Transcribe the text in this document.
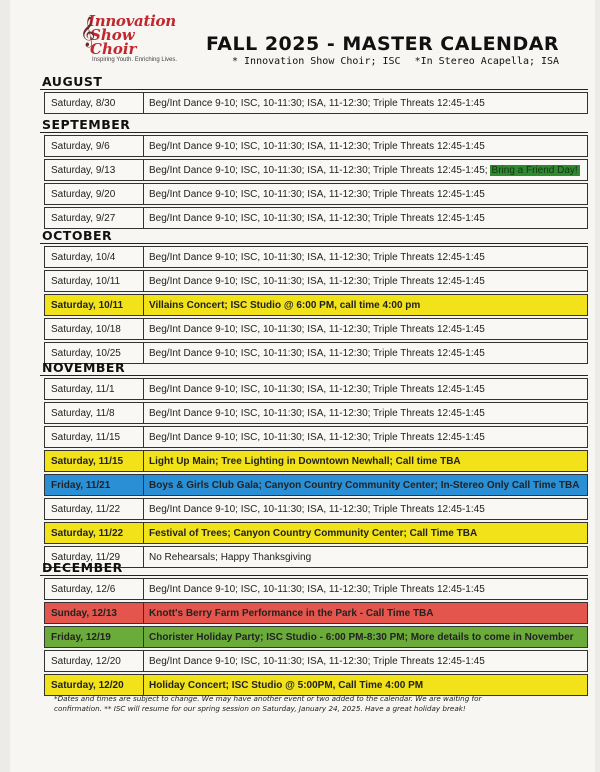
𝄞
Innovation
Show Choir
Inspiring Youth. Enriching Lives.
FALL 2025 - MASTER CALENDAR
* Innovation Show Choir; ISC *In Stereo Acapella; ISA
AUGUST
Saturday, 8/30	Beg/Int Dance 9-10; ISC, 10-11:30; ISA, 11-12:30; Triple Threats 12:45-1:45
SEPTEMBER
Saturday, 9/6	Beg/Int Dance 9-10; ISC, 10-11:30; ISA, 11-12:30; Triple Threats 12:45-1:45
Saturday, 9/13	Beg/Int Dance 9-10; ISC, 10-11:30; ISA, 11-12:30; Triple Threats 12:45-1:45; Bring a Friend Day!
Saturday, 9/20	Beg/Int Dance 9-10; ISC, 10-11:30; ISA, 11-12:30; Triple Threats 12:45-1:45
Saturday, 9/27	Beg/Int Dance 9-10; ISC, 10-11:30; ISA, 11-12:30; Triple Threats 12:45-1:45
OCTOBER
Saturday, 10/4	Beg/Int Dance 9-10; ISC, 10-11:30; ISA, 11-12:30; Triple Threats 12:45-1:45
Saturday, 10/11	Beg/Int Dance 9-10; ISC, 10-11:30; ISA, 11-12:30; Triple Threats 12:45-1:45
Saturday, 10/11	Villains Concert; ISC Studio @ 6:00 PM, call time 4:00 pm
Saturday, 10/18	Beg/Int Dance 9-10; ISC, 10-11:30; ISA, 11-12:30; Triple Threats 12:45-1:45
Saturday, 10/25	Beg/Int Dance 9-10; ISC, 10-11:30; ISA, 11-12:30; Triple Threats 12:45-1:45
NOVEMBER
Saturday, 11/1	Beg/Int Dance 9-10; ISC, 10-11:30; ISA, 11-12:30; Triple Threats 12:45-1:45
Saturday, 11/8	Beg/Int Dance 9-10; ISC, 10-11:30; ISA, 11-12:30; Triple Threats 12:45-1:45
Saturday, 11/15	Beg/Int Dance 9-10; ISC, 10-11:30; ISA, 11-12:30; Triple Threats 12:45-1:45
Saturday, 11/15	Light Up Main; Tree Lighting in Downtown Newhall; Call time TBA
Friday, 11/21	Boys & Girls Club Gala; Canyon Country Community Center; In-Stereo Only Call Time TBA
Saturday, 11/22	Beg/Int Dance 9-10; ISC, 10-11:30; ISA, 11-12:30; Triple Threats 12:45-1:45
Saturday, 11/22	Festival of Trees; Canyon Country Community Center; Call Time TBA
Saturday, 11/29	No Rehearsals; Happy Thanksgiving
DECEMBER
Saturday, 12/6	Beg/Int Dance 9-10; ISC, 10-11:30; ISA, 11-12:30; Triple Threats 12:45-1:45
Sunday, 12/13	Knott's Berry Farm Performance in the Park - Call Time TBA
Friday, 12/19	Chorister Holiday Party; ISC Studio - 6:00 PM-8:30 PM; More details to come in November
Saturday, 12/20	Beg/Int Dance 9-10; ISC, 10-11:30; ISA, 11-12:30; Triple Threats 12:45-1:45
Saturday, 12/20	Holiday Concert; ISC Studio @ 5:00PM, Call Time 4:00 PM
*Dates and times are subject to change. We may have another event or two added to the calendar. We are waiting for
confirmation. ** ISC will resume for our spring session on Saturday, January 24, 2025. Have a great holiday break!
